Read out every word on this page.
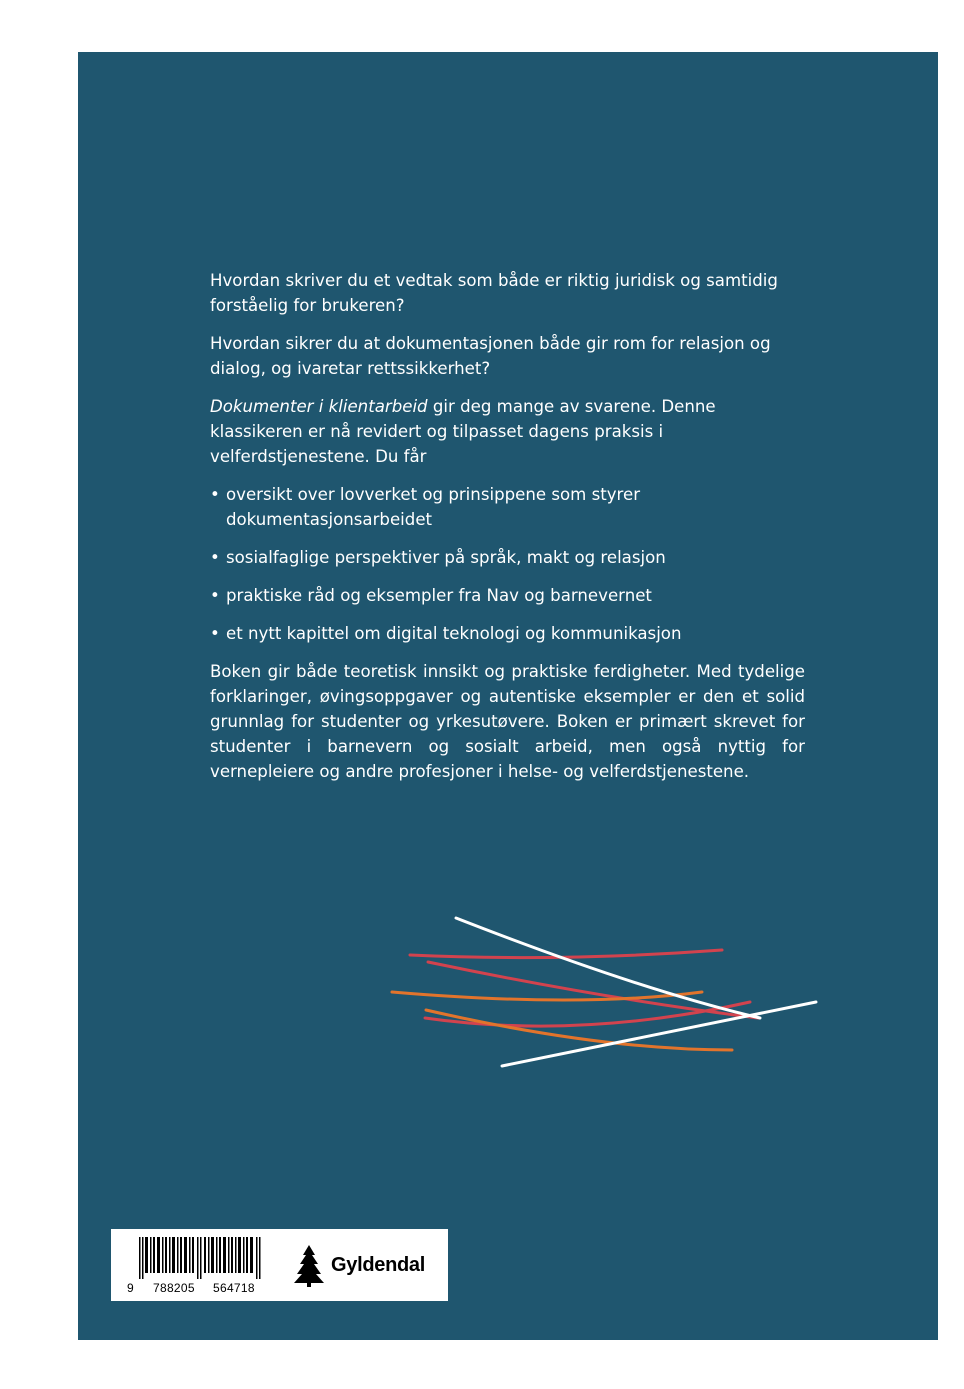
Hvordan skriver du et vedtak som både er riktig juridisk og samtidig forståelig for brukeren?

Hvordan sikrer du at dokumentasjonen både gir rom for relasjon og dialog, og ivaretar rettssikkerhet?

Dokumenter i klientarbeid gir deg mange av svarene. Denne klassikeren er nå revidert og tilpasset dagens praksis i velferdstjenestene. Du får

• oversikt over lovverket og prinsippene som styrer dokumentasjonsarbeidet
• sosialfaglige perspektiver på språk, makt og relasjon
• praktiske råd og eksempler fra Nav og barnevernet
• et nytt kapittel om digital teknologi og kommunikasjon

Boken gir både teoretisk innsikt og praktiske ferdigheter. Med tydelige forklaringer, øvingsoppgaver og autentiske eksempler er den et solid grunnlag for studenter og yrkesutøvere. Boken er primært skrevet for studenter i barnevern og sosialt arbeid, men også nyttig for vernepleiere og andre profesjoner i helse- og velferdstjenestene.

9 788205 564718
Gyldendal
